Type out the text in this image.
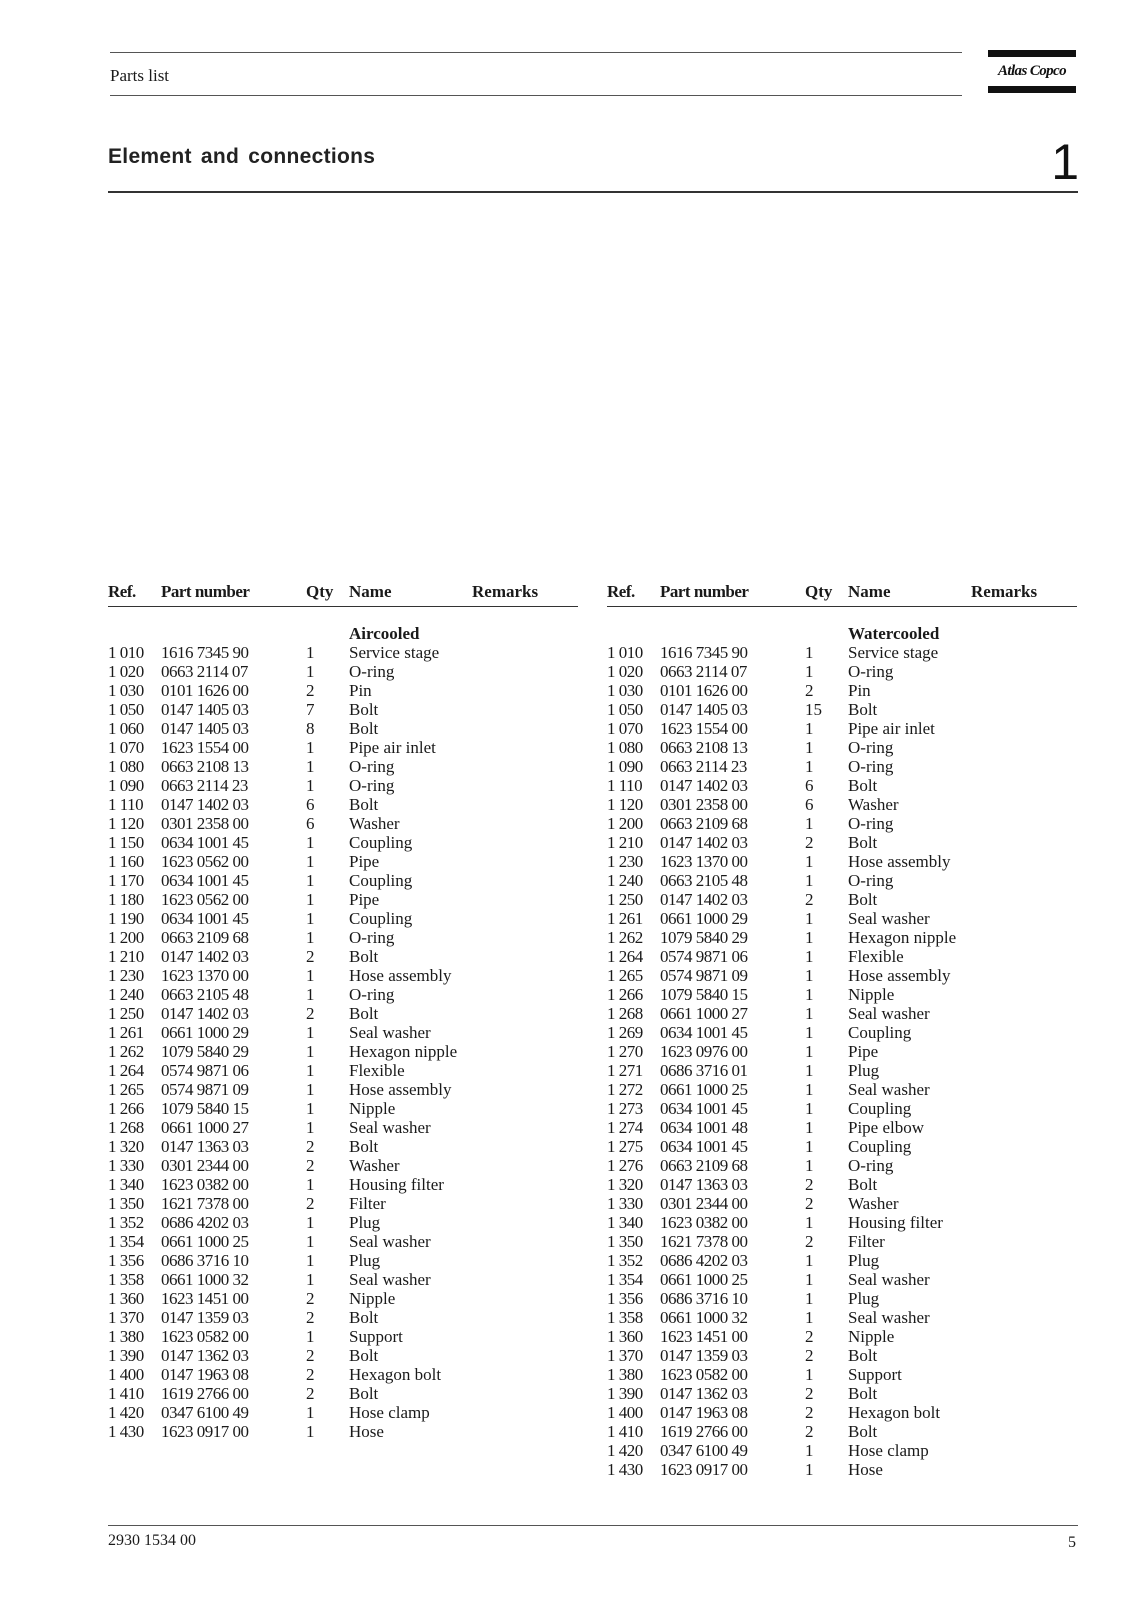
Parts list	Atlas Copco
Element and connections	1
Ref. Part number	Qty Name	Remarks
Aircooled
1 010 1616 7345 90	1 Service stage
1 020 0663 2114 07	1 O-ring
1 030 0101 1626 00	2 Pin
1 050 0147 1405 03	7 Bolt
1 060 0147 1405 03	8 Bolt
1 070 1623 1554 00	1 Pipe air inlet
1 080 0663 2108 13	1 O-ring
1 090 0663 2114 23	1 O-ring
1 110 0147 1402 03	6 Bolt
1 120 0301 2358 00	6 Washer
1 150 0634 1001 45	1 Coupling
1 160 1623 0562 00	1 Pipe
1 170 0634 1001 45	1 Coupling
1 180 1623 0562 00	1 Pipe
1 190 0634 1001 45	1 Coupling
1 200 0663 2109 68	1 O-ring
1 210 0147 1402 03	2 Bolt
1 230 1623 1370 00	1 Hose assembly
1 240 0663 2105 48	1 O-ring
1 250 0147 1402 03	2 Bolt
1 261 0661 1000 29	1 Seal washer
1 262 1079 5840 29	1 Hexagon nipple
1 264 0574 9871 06	1 Flexible
1 265 0574 9871 09	1 Hose assembly
1 266 1079 5840 15	1 Nipple
1 268 0661 1000 27	1 Seal washer
1 320 0147 1363 03	2 Bolt
1 330 0301 2344 00	2 Washer
1 340 1623 0382 00	1 Housing filter
1 350 1621 7378 00	2 Filter
1 352 0686 4202 03	1 Plug
1 354 0661 1000 25	1 Seal washer
1 356 0686 3716 10	1 Plug
1 358 0661 1000 32	1 Seal washer
1 360 1623 1451 00	2 Nipple
1 370 0147 1359 03	2 Bolt
1 380 1623 0582 00	1 Support
1 390 0147 1362 03	2 Bolt
1 400 0147 1963 08	2 Hexagon bolt
1 410 1619 2766 00	2 Bolt
1 420 0347 6100 49	1 Hose clamp
1 430 1623 0917 00	1 Hose
Ref. Part number	Qty Name	Remarks
Watercooled
1 010 1616 7345 90	1 Service stage
1 020 0663 2114 07	1 O-ring
1 030 0101 1626 00	2 Pin
1 050 0147 1405 03	15 Bolt
1 070 1623 1554 00	1 Pipe air inlet
1 080 0663 2108 13	1 O-ring
1 090 0663 2114 23	1 O-ring
1 110 0147 1402 03	6 Bolt
1 120 0301 2358 00	6 Washer
1 200 0663 2109 68	1 O-ring
1 210 0147 1402 03	2 Bolt
1 230 1623 1370 00	1 Hose assembly
1 240 0663 2105 48	1 O-ring
1 250 0147 1402 03	2 Bolt
1 261 0661 1000 29	1 Seal washer
1 262 1079 5840 29	1 Hexagon nipple
1 264 0574 9871 06	1 Flexible
1 265 0574 9871 09	1 Hose assembly
1 266 1079 5840 15	1 Nipple
1 268 0661 1000 27	1 Seal washer
1 269 0634 1001 45	1 Coupling
1 270 1623 0976 00	1 Pipe
1 271 0686 3716 01	1 Plug
1 272 0661 1000 25	1 Seal washer
1 273 0634 1001 45	1 Coupling
1 274 0634 1001 48	1 Pipe elbow
1 275 0634 1001 45	1 Coupling
1 276 0663 2109 68	1 O-ring
1 320 0147 1363 03	2 Bolt
1 330 0301 2344 00	2 Washer
1 340 1623 0382 00	1 Housing filter
1 350 1621 7378 00	2 Filter
1 352 0686 4202 03	1 Plug
1 354 0661 1000 25	1 Seal washer
1 356 0686 3716 10	1 Plug
1 358 0661 1000 32	1 Seal washer
1 360 1623 1451 00	2 Nipple
1 370 0147 1359 03	2 Bolt
1 380 1623 0582 00	1 Support
1 390 0147 1362 03	2 Bolt
1 400 0147 1963 08	2 Hexagon bolt
1 410 1619 2766 00	2 Bolt
1 420 0347 6100 49	1 Hose clamp
1 430 1623 0917 00	1 Hose
2930 1534 00	5
